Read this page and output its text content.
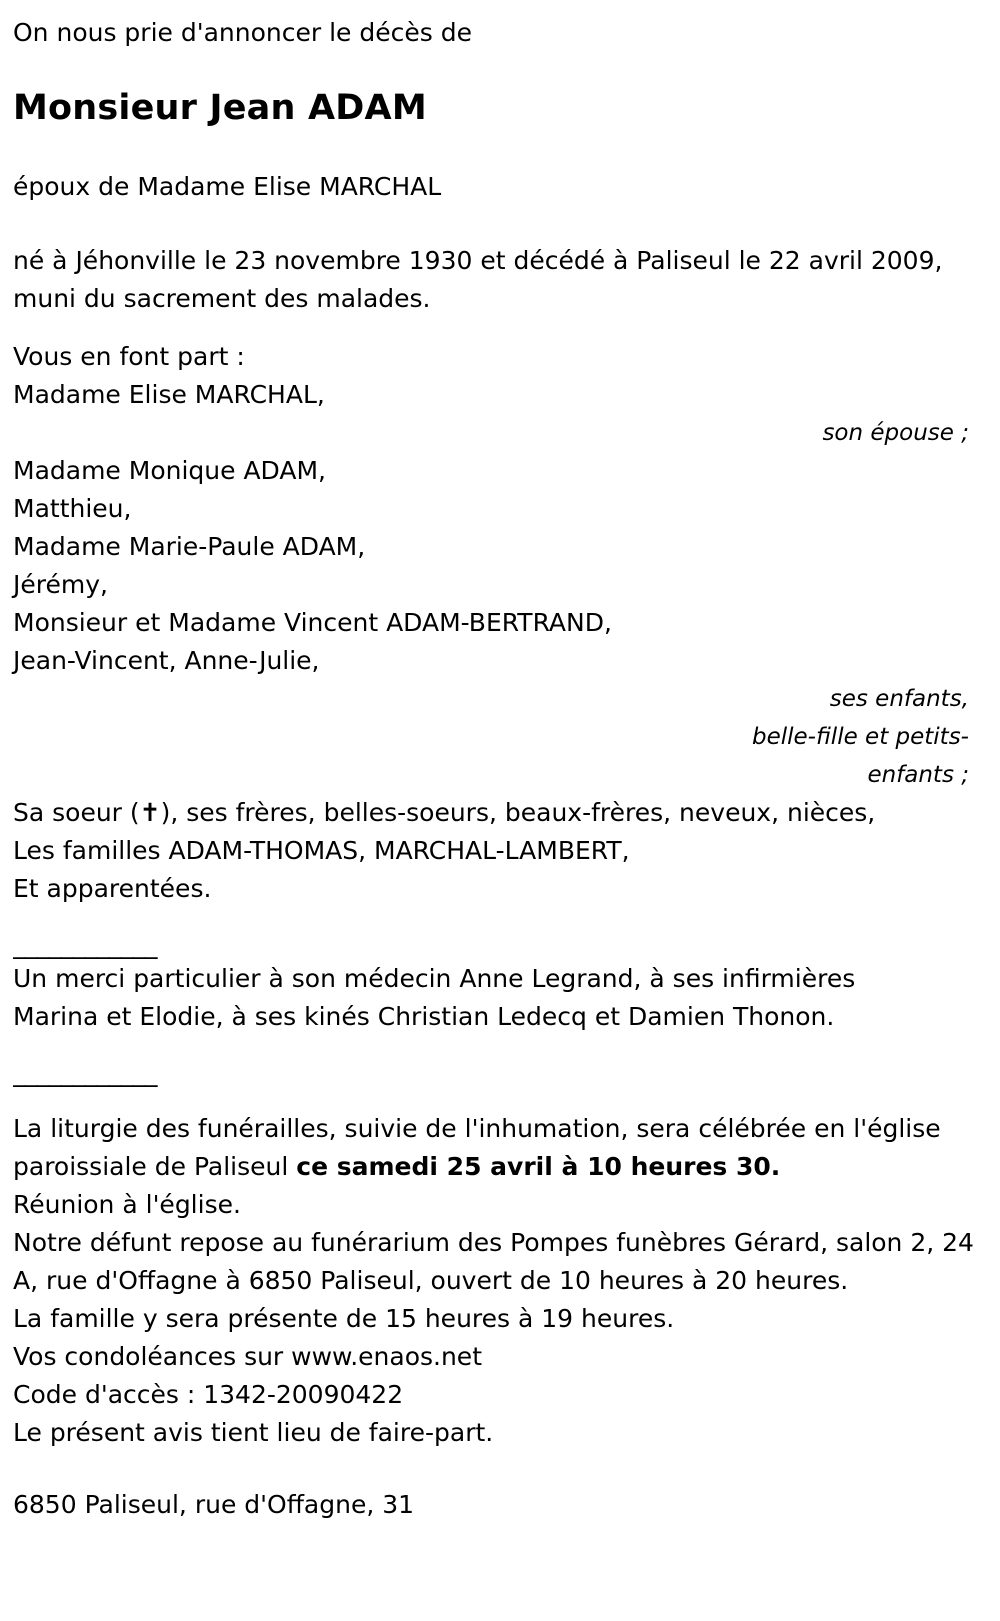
On nous prie d'annoncer le décès de
Monsieur Jean ADAM
époux de Madame Elise MARCHAL
né à Jéhonville le 23 novembre 1930 et décédé à Paliseul le 22 avril 2009,
muni du sacrement des malades.
Vous en font part :
Madame Elise MARCHAL,
son épouse ;
Madame Monique ADAM,
Matthieu,
Madame Marie-Paule ADAM,
Jérémy,
Monsieur et Madame Vincent ADAM-BERTRAND,
Jean-Vincent, Anne-Julie,
ses enfants,
belle-fille et petits-
enfants ;
Sa soeur (✝), ses frères, belles-soeurs, beaux-frères, neveux, nièces,
Les familles ADAM-THOMAS, MARCHAL-LAMBERT,
Et apparentées.
____________
Un merci particulier à son médecin Anne Legrand, à ses infirmières
Marina et Elodie, à ses kinés Christian Ledecq et Damien Thonon.
____________
La liturgie des funérailles, suivie de l'inhumation, sera célébrée en l'église paroissiale de Paliseul ce samedi 25 avril à 10 heures 30.
Réunion à l'église.
Notre défunt repose au funérarium des Pompes funèbres Gérard, salon 2, 24 A, rue d'Offagne à 6850 Paliseul, ouvert de 10 heures à 20 heures.
La famille y sera présente de 15 heures à 19 heures.
Vos condoléances sur www.enaos.net
Code d'accès : 1342-20090422
Le présent avis tient lieu de faire-part.
6850 Paliseul, rue d'Offagne, 31
